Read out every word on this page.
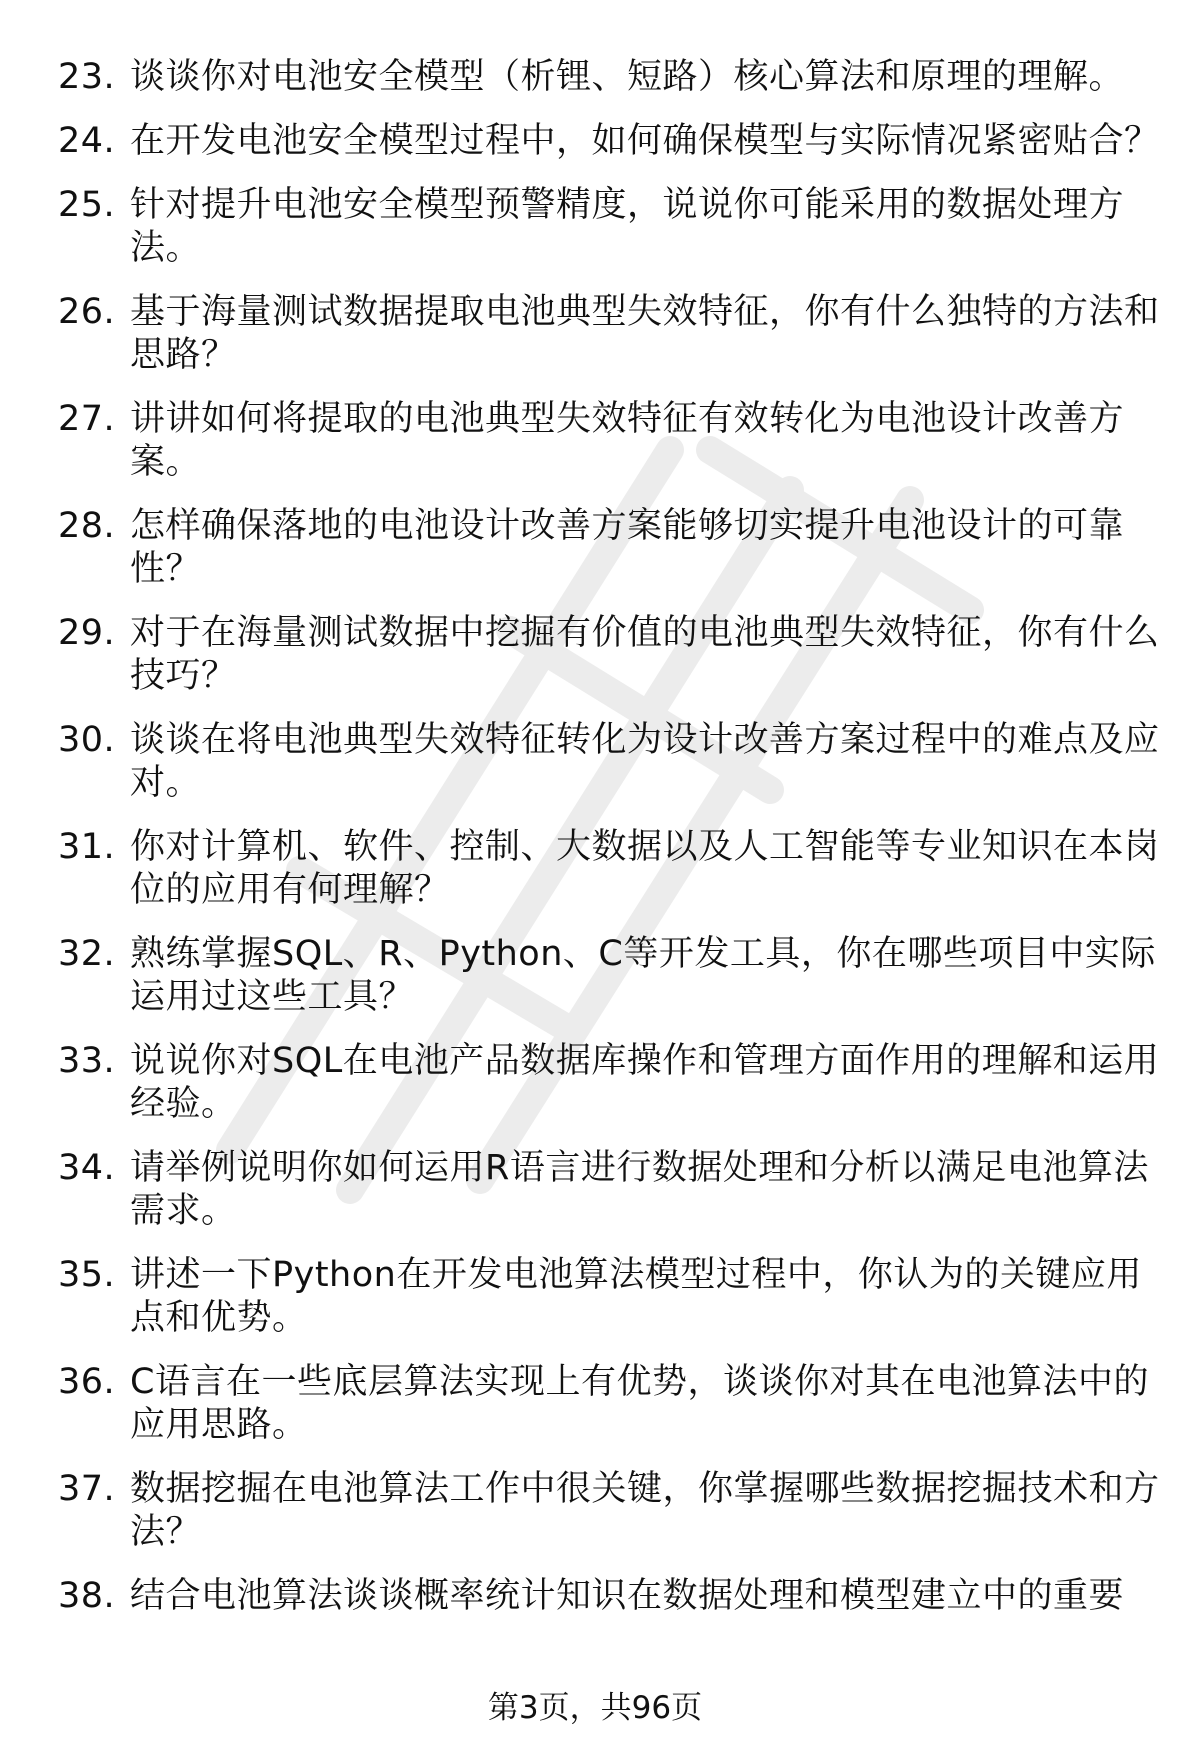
23. 谈谈你对电池安全模型（析锂、短路）核心算法和原理的理解。
24. 在开发电池安全模型过程中，如何确保模型与实际情况紧密贴合？
25. 针对提升电池安全模型预警精度，说说你可能采用的数据处理方法。
26. 基于海量测试数据提取电池典型失效特征，你有什么独特的方法和思路？
27. 讲讲如何将提取的电池典型失效特征有效转化为电池设计改善方案。
28. 怎样确保落地的电池设计改善方案能够切实提升电池设计的可靠性？
29. 对于在海量测试数据中挖掘有价值的电池典型失效特征，你有什么技巧？
30. 谈谈在将电池典型失效特征转化为设计改善方案过程中的难点及应对。
31. 你对计算机、软件、控制、大数据以及人工智能等专业知识在本岗位的应用有何理解？
32. 熟练掌握SQL、R、Python、C等开发工具，你在哪些项目中实际运用过这些工具？
33. 说说你对SQL在电池产品数据库操作和管理方面作用的理解和运用经验。
34. 请举例说明你如何运用R语言进行数据处理和分析以满足电池算法需求。
35. 讲述一下Python在开发电池算法模型过程中，你认为的关键应用点和优势。
36. C语言在一些底层算法实现上有优势，谈谈你对其在电池算法中的应用思路。
37. 数据挖掘在电池算法工作中很关键，你掌握哪些数据挖掘技术和方法？
38. 结合电池算法谈谈概率统计知识在数据处理和模型建立中的重要
第3页，共96页
